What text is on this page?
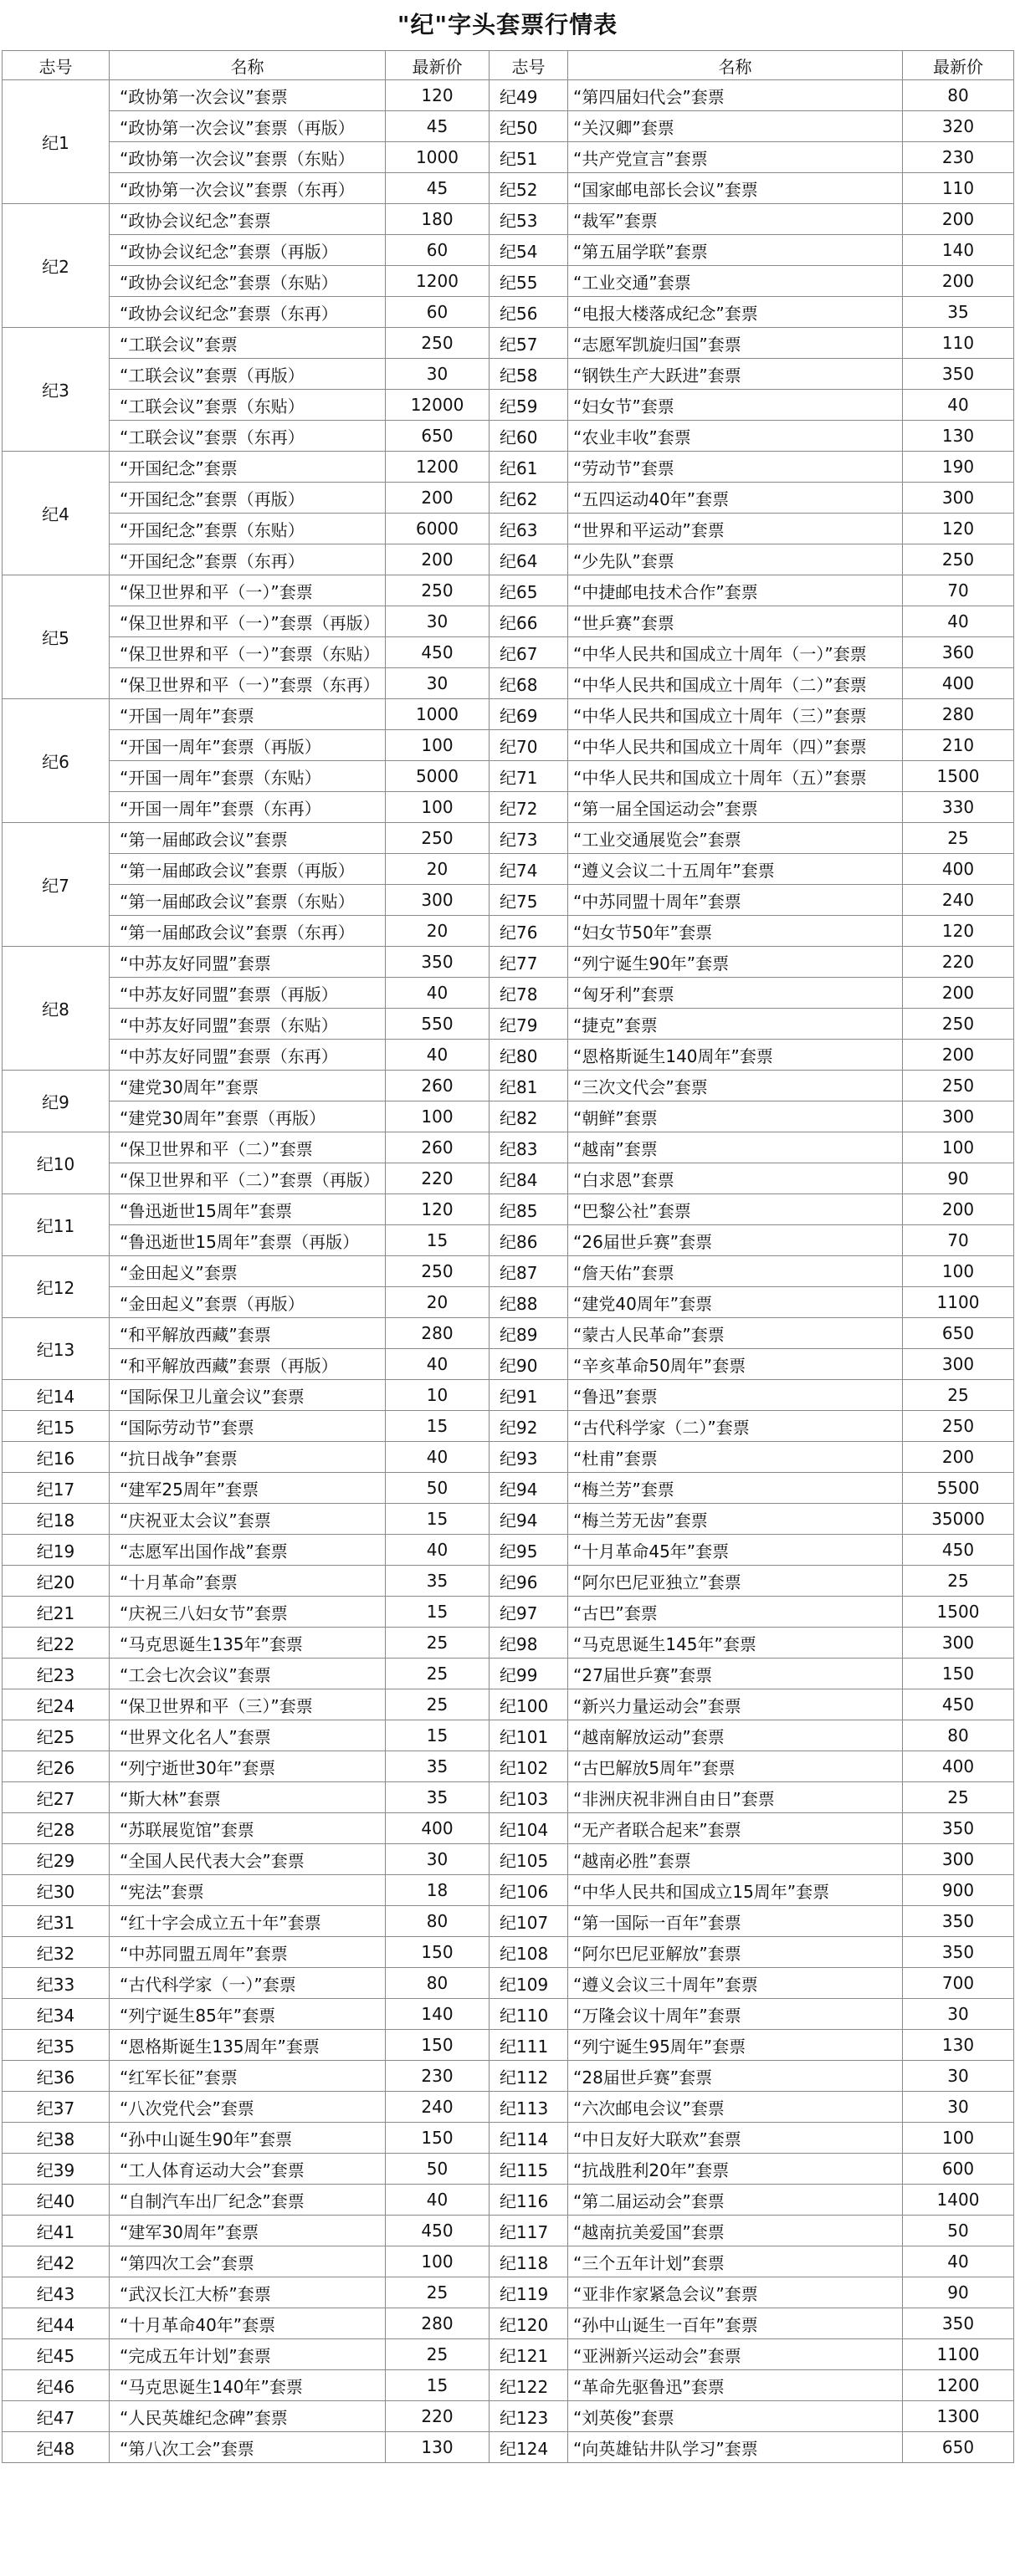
"纪"字头套票行情表
志号	名称	最新价	志号	名称	最新价
纪1	“政协第一次会议”套票	120	纪49	“第四届妇代会”套票	80
	“政协第一次会议”套票（再版）	45	纪50	“关汉卿”套票	320
	“政协第一次会议”套票（东贴）	1000	纪51	“共产党宣言”套票	230
	“政协第一次会议”套票（东再）	45	纪52	“国家邮电部长会议”套票	110
纪2	“政协会议纪念”套票	180	纪53	“裁军”套票	200
	“政协会议纪念”套票（再版）	60	纪54	“第五届学联”套票	140
	“政协会议纪念”套票（东贴）	1200	纪55	“工业交通”套票	200
	“政协会议纪念”套票（东再）	60	纪56	“电报大楼落成纪念”套票	35
纪3	“工联会议”套票	250	纪57	“志愿军凯旋归国”套票	110
	“工联会议”套票（再版）	30	纪58	“钢铁生产大跃进”套票	350
	“工联会议”套票（东贴）	12000	纪59	“妇女节”套票	40
	“工联会议”套票（东再）	650	纪60	“农业丰收”套票	130
纪4	“开国纪念”套票	1200	纪61	“劳动节”套票	190
	“开国纪念”套票（再版）	200	纪62	“五四运动40年”套票	300
	“开国纪念”套票（东贴）	6000	纪63	“世界和平运动”套票	120
	“开国纪念”套票（东再）	200	纪64	“少先队”套票	250
纪5	“保卫世界和平（一）”套票	250	纪65	“中捷邮电技术合作”套票	70
	“保卫世界和平（一）”套票（再版）	30	纪66	“世乒赛”套票	40
	“保卫世界和平（一）”套票（东贴）	450	纪67	“中华人民共和国成立十周年（一）”套票	360
	“保卫世界和平（一）”套票（东再）	30	纪68	“中华人民共和国成立十周年（二）”套票	400
纪6	“开国一周年”套票	1000	纪69	“中华人民共和国成立十周年（三）”套票	280
	“开国一周年”套票（再版）	100	纪70	“中华人民共和国成立十周年（四）”套票	210
	“开国一周年”套票（东贴）	5000	纪71	“中华人民共和国成立十周年（五）”套票	1500
	“开国一周年”套票（东再）	100	纪72	“第一届全国运动会”套票	330
纪7	“第一届邮政会议”套票	250	纪73	“工业交通展览会”套票	25
	“第一届邮政会议”套票（再版）	20	纪74	“遵义会议二十五周年”套票	400
	“第一届邮政会议”套票（东贴）	300	纪75	“中苏同盟十周年”套票	240
	“第一届邮政会议”套票（东再）	20	纪76	“妇女节50年”套票	120
纪8	“中苏友好同盟”套票	350	纪77	“列宁诞生90年”套票	220
	“中苏友好同盟”套票（再版）	40	纪78	“匈牙利”套票	200
	“中苏友好同盟”套票（东贴）	550	纪79	“捷克”套票	250
	“中苏友好同盟”套票（东再）	40	纪80	“恩格斯诞生140周年”套票	200
纪9	“建党30周年”套票	260	纪81	“三次文代会”套票	250
	“建党30周年”套票（再版）	100	纪82	“朝鲜”套票	300
纪10	“保卫世界和平（二）”套票	260	纪83	“越南”套票	100
	“保卫世界和平（二）”套票（再版）	220	纪84	“白求恩”套票	90
纪11	“鲁迅逝世15周年”套票	120	纪85	“巴黎公社”套票	200
	“鲁迅逝世15周年”套票（再版）	15	纪86	“26届世乒赛”套票	70
纪12	“金田起义”套票	250	纪87	“詹天佑”套票	100
	“金田起义”套票（再版）	20	纪88	“建党40周年”套票	1100
纪13	“和平解放西藏”套票	280	纪89	“蒙古人民革命”套票	650
	“和平解放西藏”套票（再版）	40	纪90	“辛亥革命50周年”套票	300
纪14	“国际保卫儿童会议”套票	10	纪91	“鲁迅”套票	25
纪15	“国际劳动节”套票	15	纪92	“古代科学家（二）”套票	250
纪16	“抗日战争”套票	40	纪93	“杜甫”套票	200
纪17	“建军25周年”套票	50	纪94	“梅兰芳”套票	5500
纪18	“庆祝亚太会议”套票	15	纪94	“梅兰芳无齿”套票	35000
纪19	“志愿军出国作战”套票	40	纪95	“十月革命45年”套票	450
纪20	“十月革命”套票	35	纪96	“阿尔巴尼亚独立”套票	25
纪21	“庆祝三八妇女节”套票	15	纪97	“古巴”套票	1500
纪22	“马克思诞生135年”套票	25	纪98	“马克思诞生145年”套票	300
纪23	“工会七次会议”套票	25	纪99	“27届世乒赛”套票	150
纪24	“保卫世界和平（三）”套票	25	纪100	“新兴力量运动会”套票	450
纪25	“世界文化名人”套票	15	纪101	“越南解放运动”套票	80
纪26	“列宁逝世30年”套票	35	纪102	“古巴解放5周年”套票	400
纪27	“斯大林”套票	35	纪103	“非洲庆祝非洲自由日”套票	25
纪28	“苏联展览馆”套票	400	纪104	“无产者联合起来”套票	350
纪29	“全国人民代表大会”套票	30	纪105	“越南必胜”套票	300
纪30	“宪法”套票	18	纪106	“中华人民共和国成立15周年”套票	900
纪31	“红十字会成立五十年”套票	80	纪107	“第一国际一百年”套票	350
纪32	“中苏同盟五周年”套票	150	纪108	“阿尔巴尼亚解放”套票	350
纪33	“古代科学家（一）”套票	80	纪109	“遵义会议三十周年”套票	700
纪34	“列宁诞生85年”套票	140	纪110	“万隆会议十周年”套票	30
纪35	“恩格斯诞生135周年”套票	150	纪111	“列宁诞生95周年”套票	130
纪36	“红军长征”套票	230	纪112	“28届世乒赛”套票	30
纪37	“八次党代会”套票	240	纪113	“六次邮电会议”套票	30
纪38	“孙中山诞生90年”套票	150	纪114	“中日友好大联欢”套票	100
纪39	“工人体育运动大会”套票	50	纪115	“抗战胜利20年”套票	600
纪40	“自制汽车出厂纪念”套票	40	纪116	“第二届运动会”套票	1400
纪41	“建军30周年”套票	450	纪117	“越南抗美爱国”套票	50
纪42	“第四次工会”套票	100	纪118	“三个五年计划”套票	40
纪43	“武汉长江大桥”套票	25	纪119	“亚非作家紧急会议”套票	90
纪44	“十月革命40年”套票	280	纪120	“孙中山诞生一百年”套票	350
纪45	“完成五年计划”套票	25	纪121	“亚洲新兴运动会”套票	1100
纪46	“马克思诞生140年”套票	15	纪122	“革命先驱鲁迅”套票	1200
纪47	“人民英雄纪念碑”套票	220	纪123	“刘英俊”套票	1300
纪48	“第八次工会”套票	130	纪124	“向英雄钻井队学习”套票	650
